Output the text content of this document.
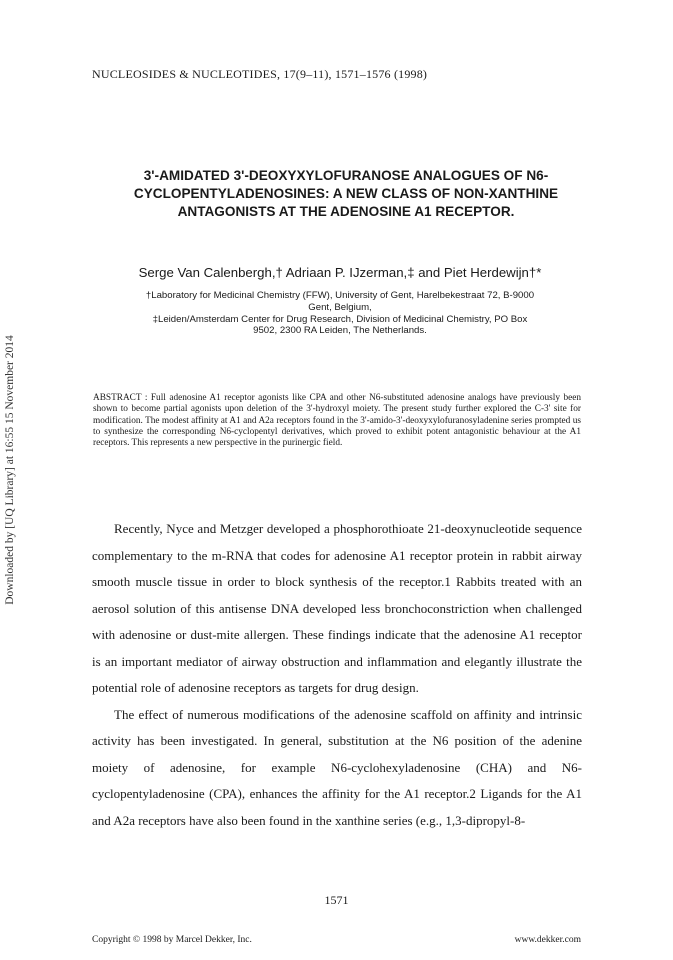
Downloaded by [UQ Library] at 16:55 15 November 2014
NUCLEOSIDES & NUCLEOTIDES, 17(9–11), 1571–1576 (1998)
3'-AMIDATED 3'-DEOXYXYLOFURANOSE ANALOGUES OF N6-
CYCLOPENTYLADENOSINES: A NEW CLASS OF NON-XANTHINE
ANTAGONISTS AT THE ADENOSINE A1 RECEPTOR.
Serge Van Calenbergh,† Adriaan P. IJzerman,‡ and Piet Herdewijn†*
†Laboratory for Medicinal Chemistry (FFW), University of Gent, Harelbekestraat 72, B-9000
Gent, Belgium,
‡Leiden/Amsterdam Center for Drug Research, Division of Medicinal Chemistry, PO Box
9502, 2300 RA Leiden, The Netherlands.
ABSTRACT : Full adenosine A1 receptor agonists like CPA and other N6-substituted adenosine analogs have previously been shown to become partial agonists upon deletion of the 3'-hydroxyl moiety. The present study further explored the C-3' site for modification. The modest affinity at A1 and A2a receptors found in the 3'-amido-3'-deoxyxylofuranosyladenine series prompted us to synthesize the corresponding N6-cyclopentyl derivatives, which proved to exhibit potent antagonistic behaviour at the A1 receptors. This represents a new perspective in the purinergic field.

Recently, Nyce and Metzger developed a phosphorothioate 21-deoxynucleotide sequence complementary to the m-RNA that codes for adenosine A1 receptor protein in rabbit airway smooth muscle tissue in order to block synthesis of the receptor.1 Rabbits treated with an aerosol solution of this antisense DNA developed less bronchoconstriction when challenged with adenosine or dust-mite allergen. These findings indicate that the adenosine A1 receptor is an important mediator of airway obstruction and inflammation and elegantly illustrate the potential role of adenosine receptors as targets for drug design.

The effect of numerous modifications of the adenosine scaffold on affinity and intrinsic activity has been investigated. In general, substitution at the N6 position of the adenine moiety of adenosine, for example N6-cyclohexyladenosine (CHA) and N6-cyclopentyladenosine (CPA), enhances the affinity for the A1 receptor.2 Ligands for the A1 and A2a receptors have also been found in the xanthine series (e.g., 1,3-dipropyl-8-

1571
Copyright © 1998 by Marcel Dekker, Inc.	www.dekker.com
